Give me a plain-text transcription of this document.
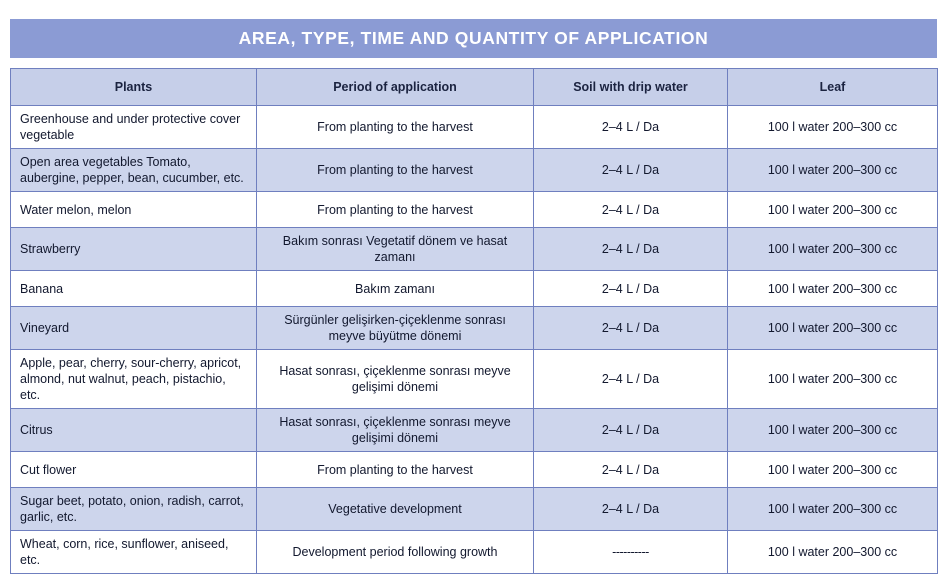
AREA, TYPE, TIME AND QUANTITY OF APPLICATION
Plants	Period of application	Soil with drip water	Leaf

Greenhouse and under protective cover vegetable	From planting to the harvest	2–4 L / Da	100 l water 200–300 cc

Open area vegetables Tomato, aubergine, pepper, bean, cucumber, etc.	From planting to the harvest	2–4 L / Da	100 l water 200–300 cc

Water melon, melon	From planting to the harvest	2–4 L / Da	100 l water 200–300 cc

Strawberry	Bakım sonrası Vegetatif dönem ve hasat zamanı	2–4 L / Da	100 l water 200–300 cc

Banana	Bakım zamanı	2–4 L / Da	100 l water 200–300 cc

Vineyard	Sürgünler gelişirken-çiçeklenme sonrası meyve büyütme dönemi	2–4 L / Da	100 l water 200–300 cc

Apple, pear, cherry, sour-cherry, apricot, almond, nut walnut, peach, pistachio, etc.	Hasat sonrası, çiçeklenme sonrası meyve gelişimi dönemi	2–4 L / Da	100 l water 200–300 cc

Citrus	Hasat sonrası, çiçeklenme sonrası meyve gelişimi dönemi	2–4 L / Da	100 l water 200–300 cc

Cut flower	From planting to the harvest	2–4 L / Da	100 l water 200–300 cc

Sugar beet, potato, onion, radish, carrot, garlic, etc.	Vegetative development	2–4 L / Da	100 l water 200–300 cc

Wheat, corn, rice, sunflower, aniseed, etc.	Development period following growth	----------	100 l water 200–300 cc
